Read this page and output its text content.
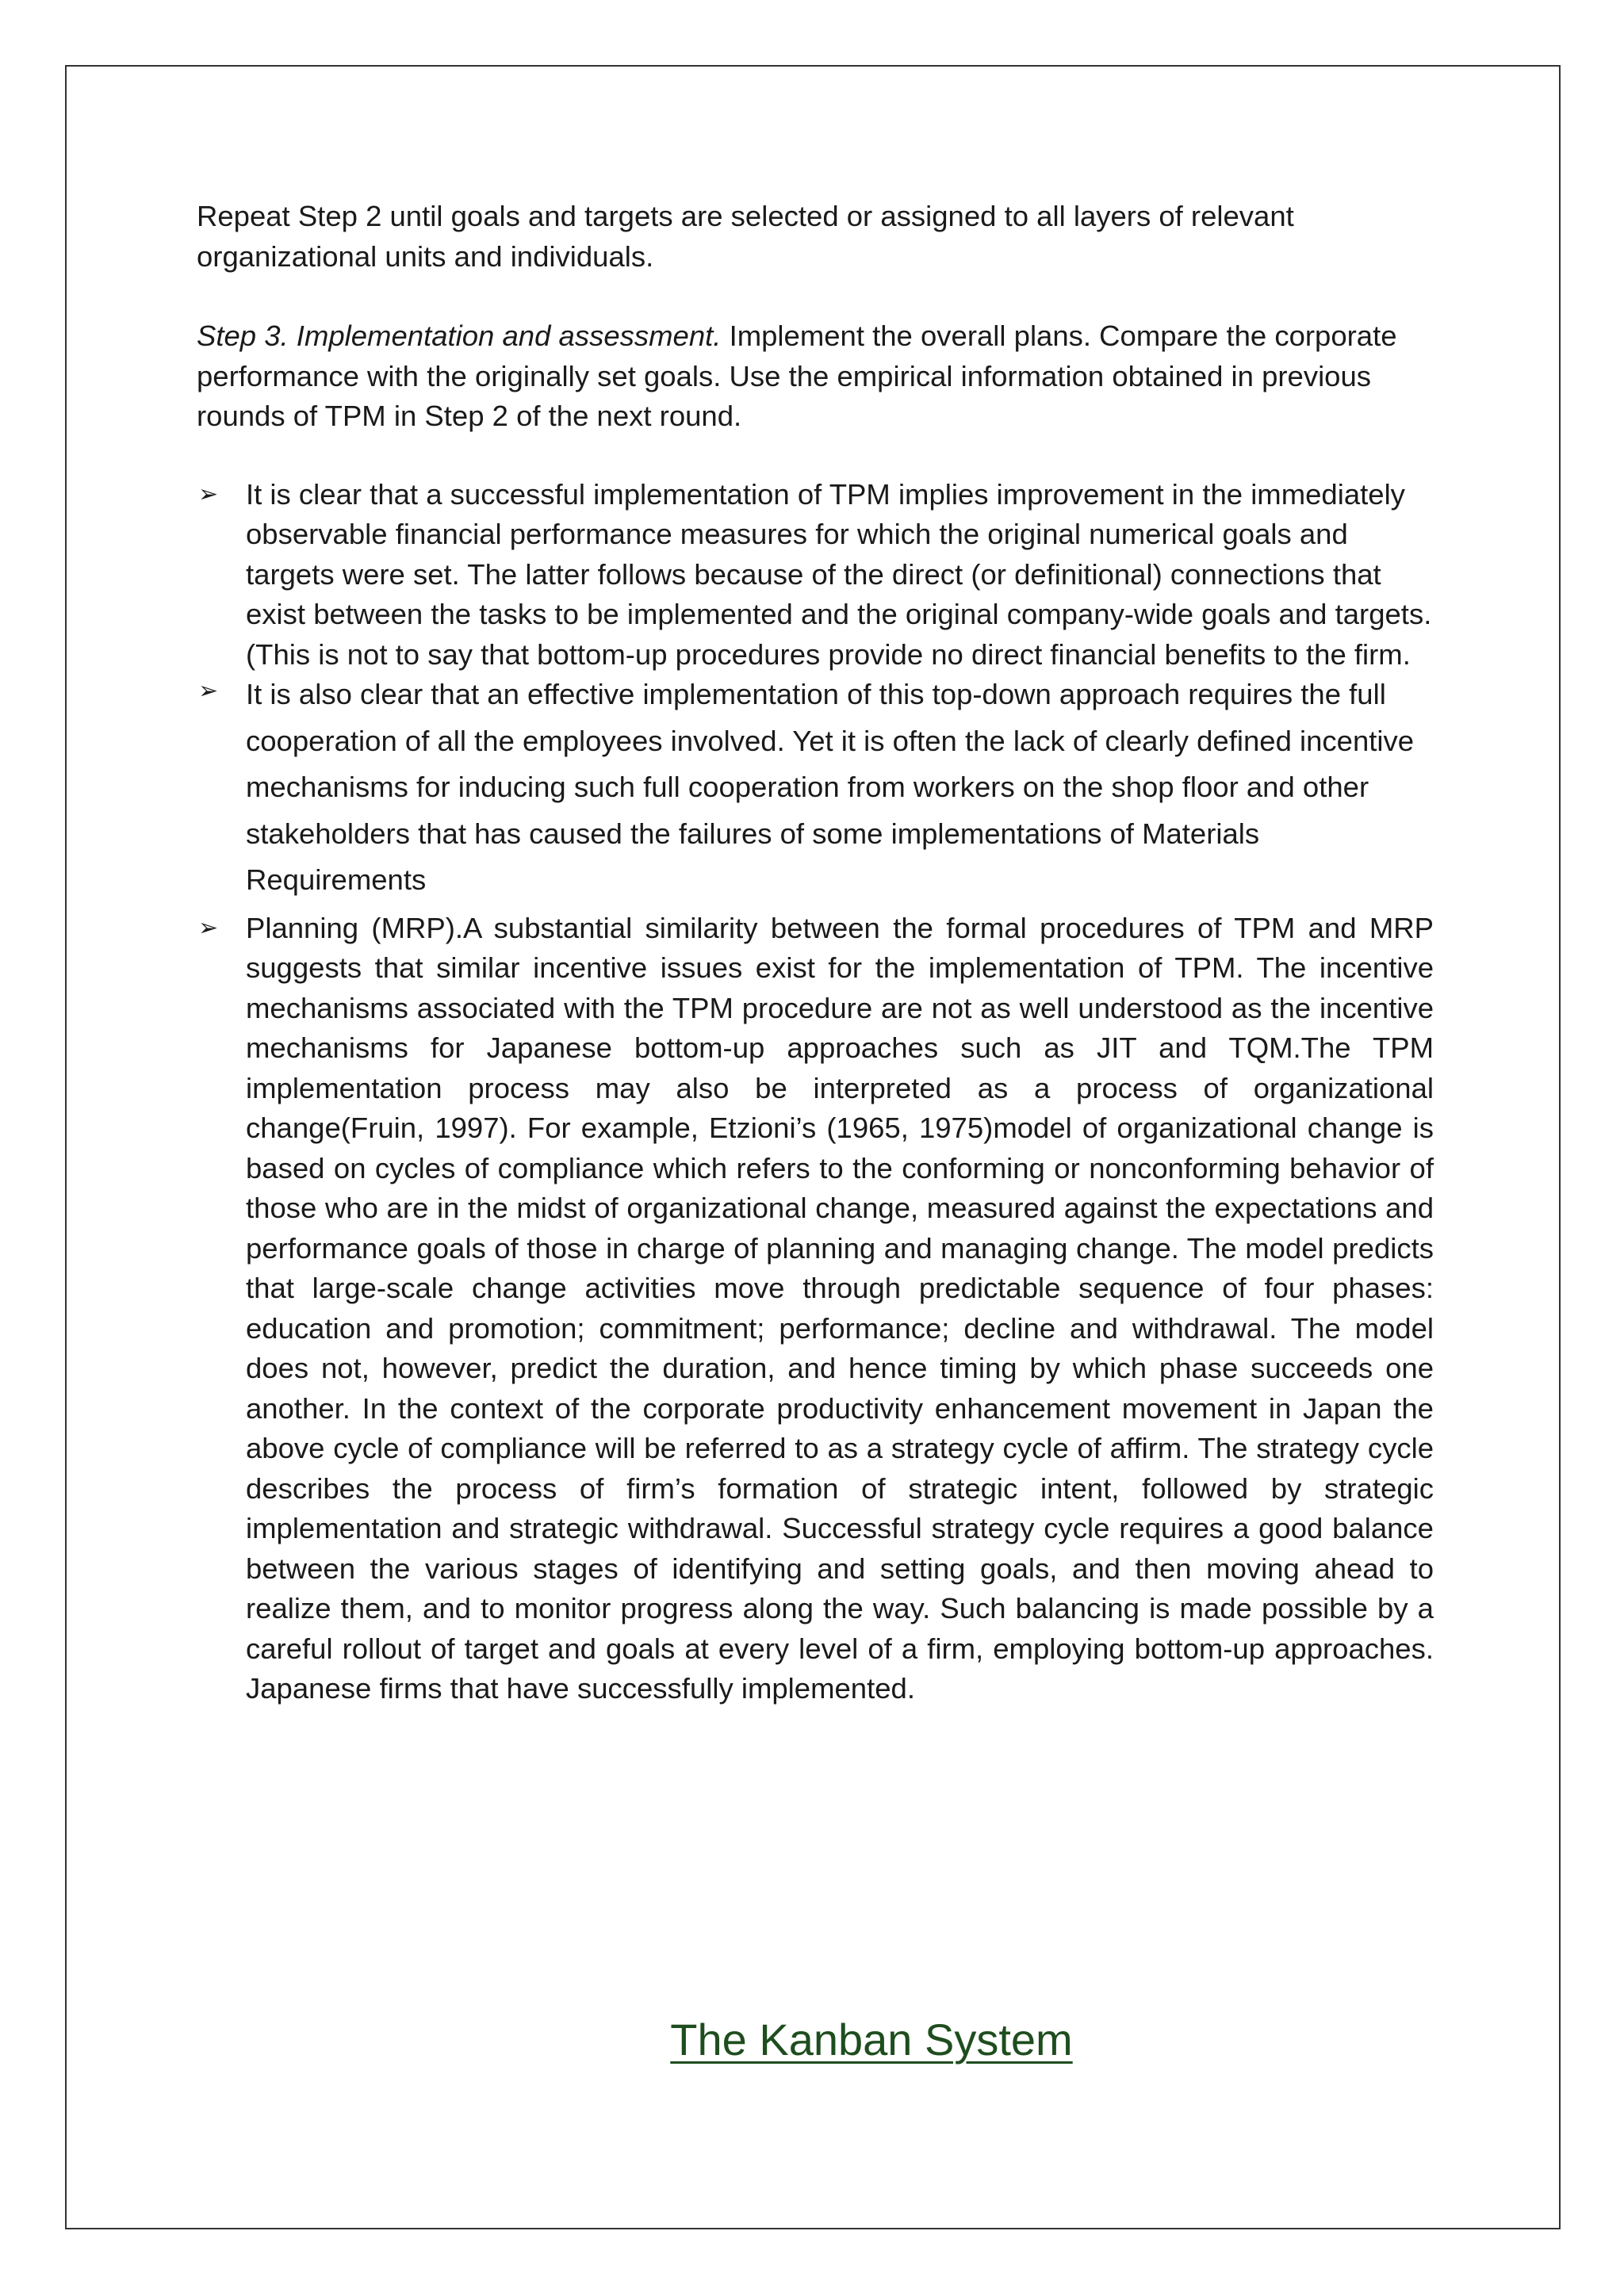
Repeat Step 2 until goals and targets are selected or assigned to all layers of relevant organizational units and individuals.

Step 3. Implementation and assessment. Implement the overall plans. Compare the corporate performance with the originally set goals. Use the empirical information obtained in previous rounds of TPM in Step 2 of the next round.

➢ It is clear that a successful implementation of TPM implies improvement in the immediately observable financial performance measures for which the original numerical goals and targets were set. The latter follows because of the direct (or definitional) connections that exist between the tasks to be implemented and the original company-wide goals and targets. (This is not to say that bottom-up procedures provide no direct financial benefits to the firm.
➢ It is also clear that an effective implementation of this top-down approach requires the full cooperation of all the employees involved. Yet it is often the lack of clearly defined incentive mechanisms for inducing such full cooperation from workers on the shop floor and other stakeholders that has caused the failures of some implementations of Materials Requirements
➢ Planning (MRP).A substantial similarity between the formal procedures of TPM and MRP suggests that similar incentive issues exist for the implementation of TPM. The incentive mechanisms associated with the TPM procedure are not as well understood as the incentive mechanisms for Japanese bottom-up approaches such as JIT and TQM.The TPM implementation process may also be interpreted as a process of organizational change(Fruin, 1997). For example, Etzioni’s (1965, 1975)model of organizational change is based on cycles of compliance which refers to the conforming or nonconforming behavior of those who are in the midst of organizational change, measured against the expectations and performance goals of those in charge of planning and managing change. The model predicts that large-scale change activities move through predictable sequence of four phases: education and promotion; commitment; performance; decline and withdrawal. The model does not, however, predict the duration, and hence timing by which phase succeeds one another. In the context of the corporate productivity enhancement movement in Japan the above cycle of compliance will be referred to as a strategy cycle of affirm. The strategy cycle describes the process of firm’s formation of strategic intent, followed by strategic implementation and strategic withdrawal. Successful strategy cycle requires a good balance between the various stages of identifying and setting goals, and then moving ahead to realize them, and to monitor progress along the way. Such balancing is made possible by a careful rollout of target and goals at every level of a firm, employing bottom-up approaches. Japanese firms that have successfully implemented.
The Kanban System
